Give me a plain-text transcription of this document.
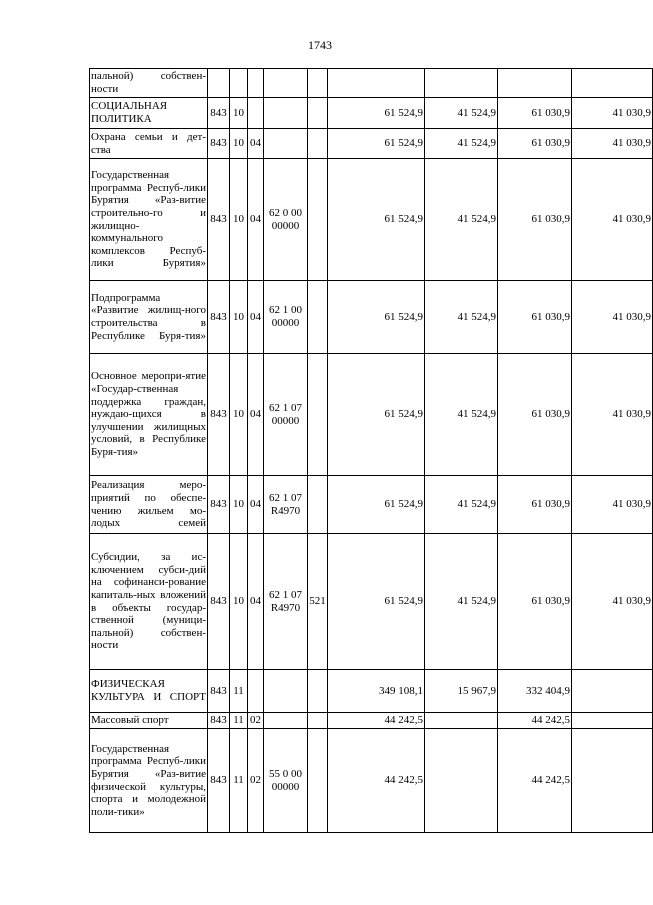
1743
пальной) собствен-ности									
СОЦИАЛЬНАЯ ПОЛИТИКА	843	10				61 524,9	41 524,9	61 030,9	41 030,9
Охрана семьи и дет-ства	843	10	04			61 524,9	41 524,9	61 030,9	41 030,9
Государственная программа Респуб-лики Бурятия «Раз-витие строительно-го и жилищно-коммунального комплексов Респуб-лики Бурятия»	843	10	04	62 0 00 00000		61 524,9	41 524,9	61 030,9	41 030,9
Подпрограмма «Развитие жилищ-ного строительства в Республике Буря-тия»	843	10	04	62 1 00 00000		61 524,9	41 524,9	61 030,9	41 030,9
Основное меропри-ятие «Государ-ственная поддержка граждан, нуждаю-щихся в улучшении жилищных условий, в Республике Буря-тия»	843	10	04	62 1 07 00000		61 524,9	41 524,9	61 030,9	41 030,9
Реализация меро-приятий по обеспе-чению жильем мо-лодых семей	843	10	04	62 1 07 R4970		61 524,9	41 524,9	61 030,9	41 030,9
Субсидии, за ис-ключением субси-дий на софинанси-рование капиталь-ных вложений в объекты государ-ственной (муници-пальной) собствен-ности	843	10	04	62 1 07 R4970	521	61 524,9	41 524,9	61 030,9	41 030,9
ФИЗИЧЕСКАЯ КУЛЬТУРА И СПОРТ	843	11				349 108,1	15 967,9	332 404,9	
Массовый спорт	843	11	02			44 242,5		44 242,5	
Государственная программа Респуб-лики Бурятия «Раз-витие физической культуры, спорта и молодежной поли-тики»	843	11	02	55 0 00 00000		44 242,5		44 242,5	
